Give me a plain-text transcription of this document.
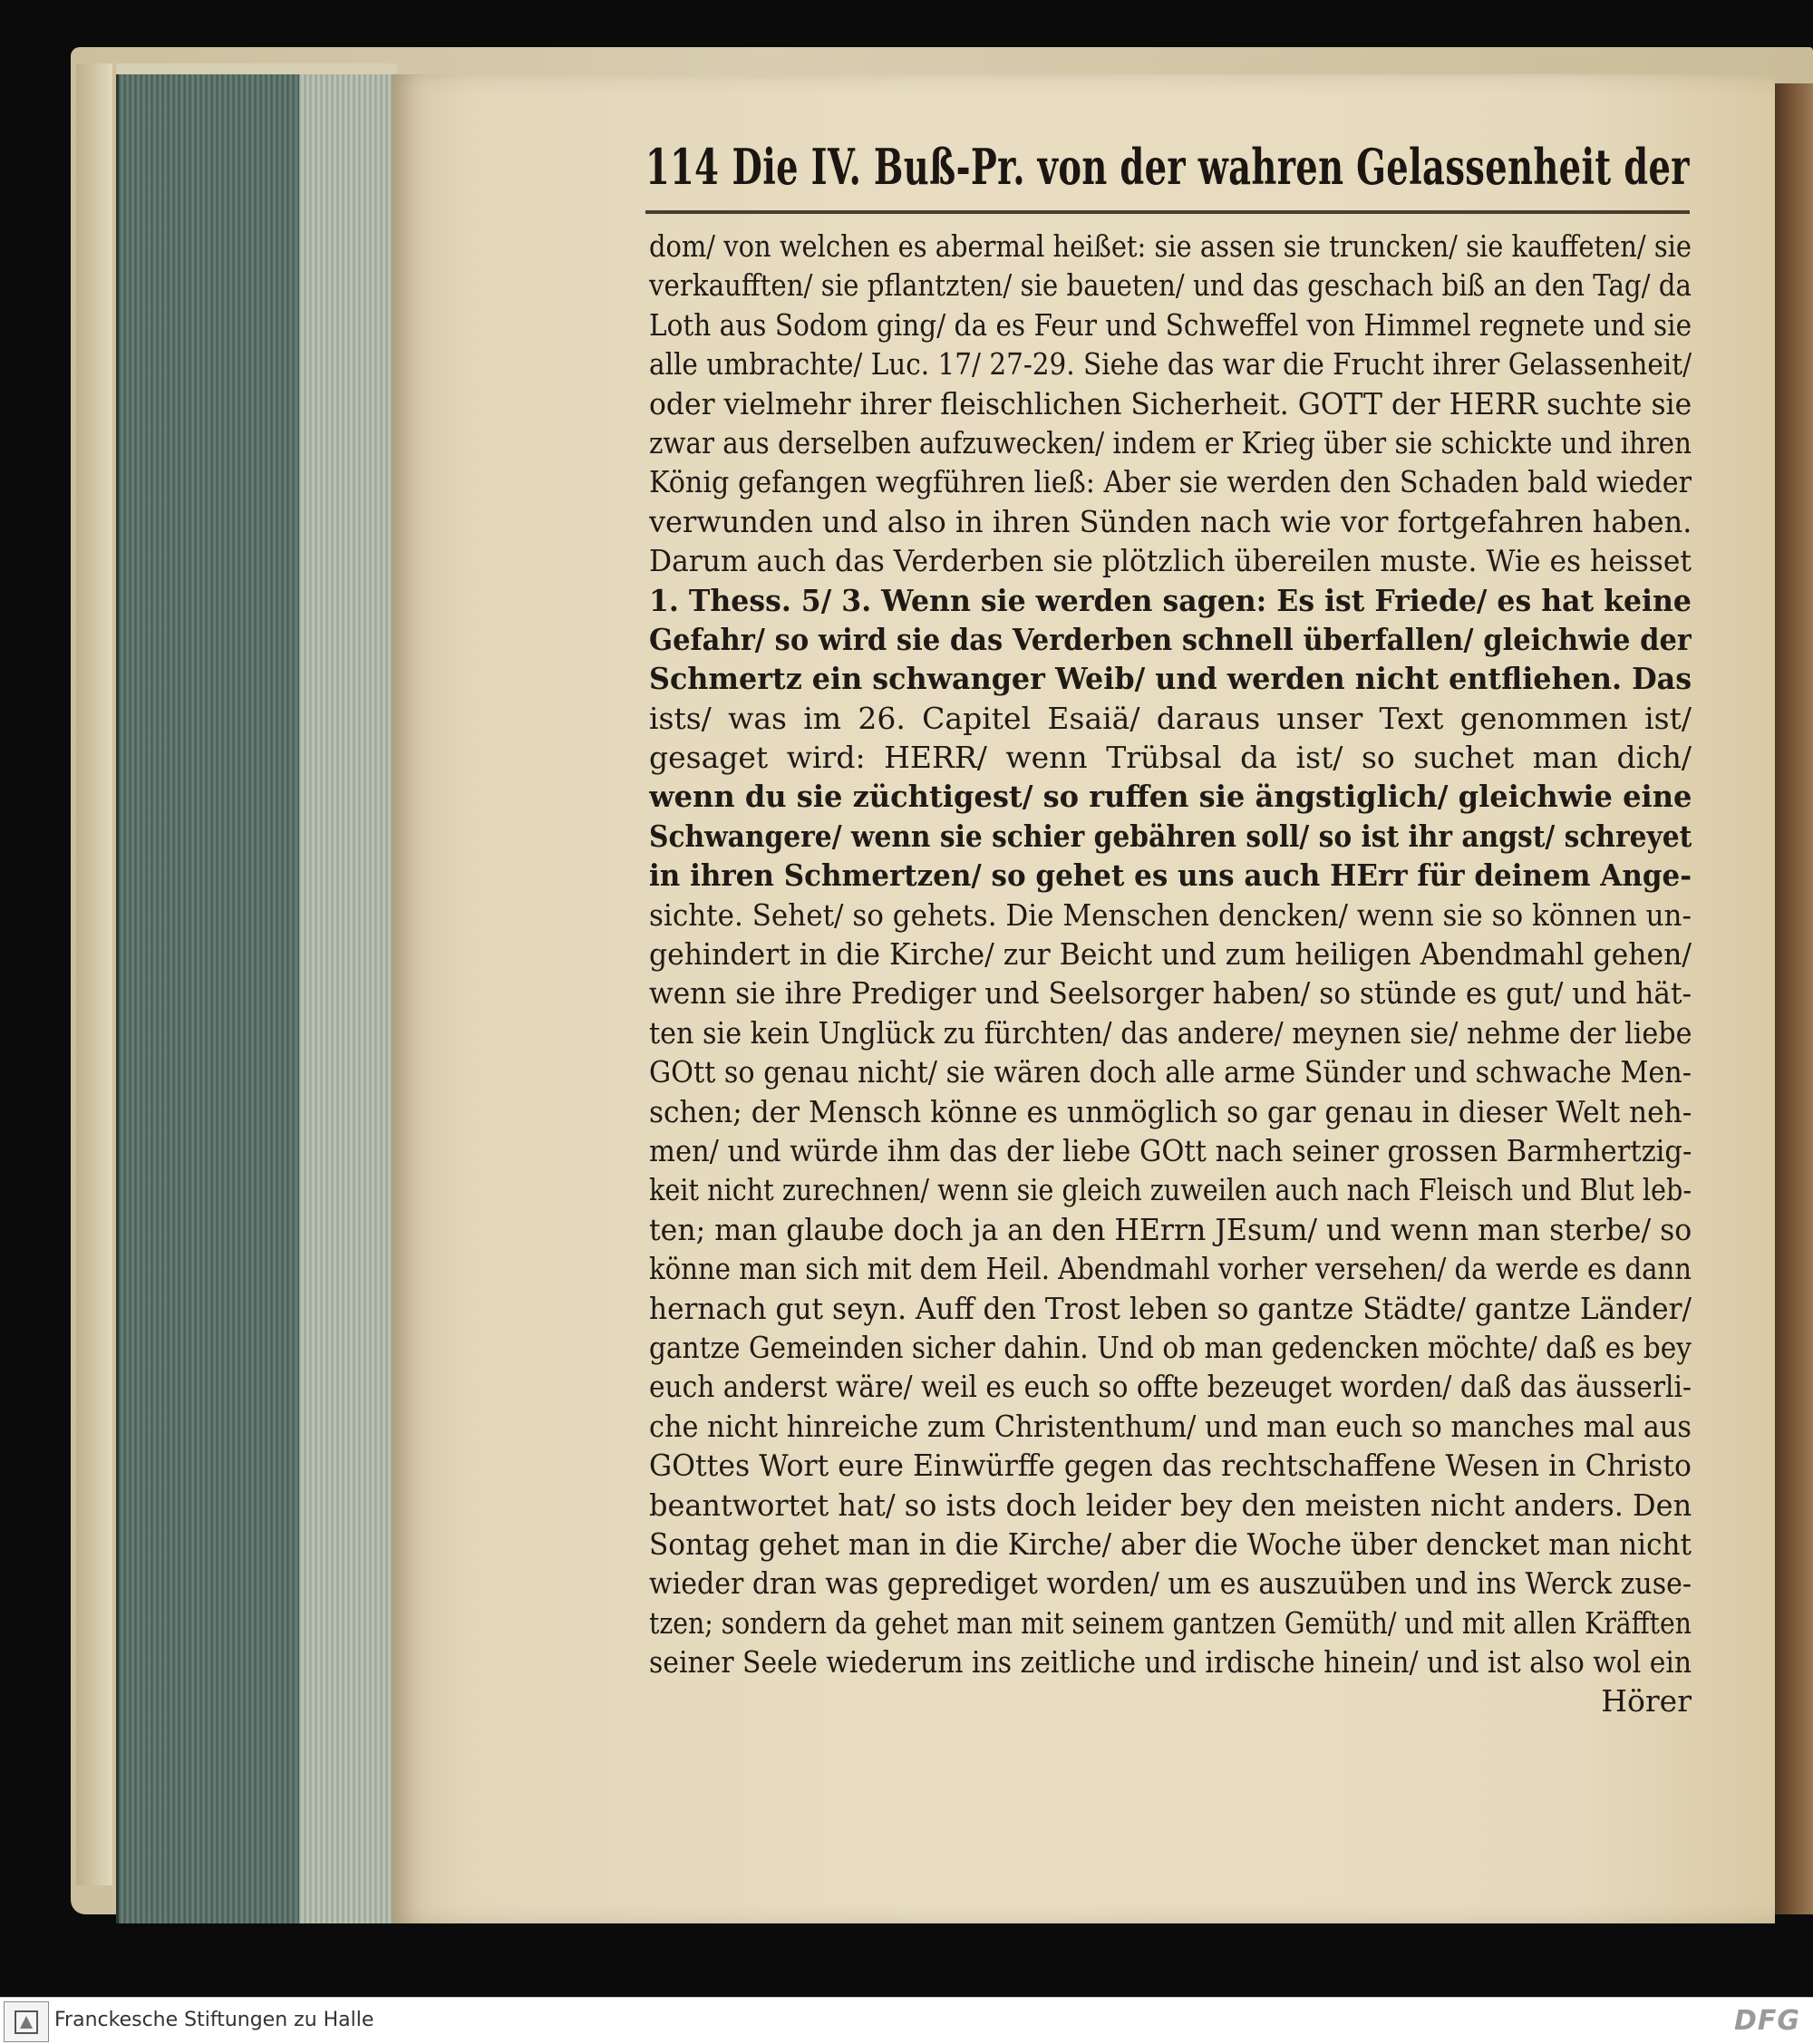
114 Die IV. Buß-Pr. von der wahren Gelassenheit der
dom/ von welchen es abermal heißet: sie assen sie truncken/ sie kauffeten/ sie
verkaufften/ sie pflantzten/ sie baueten/ und das geschach biß an den Tag/ da
Loth aus Sodom ging/ da es Feur und Schweffel von Himmel regnete und sie
alle umbrachte/ Luc. 17/ 27-29. Siehe das war die Frucht ihrer Gelassenheit/
oder vielmehr ihrer fleischlichen Sicherheit. GOTT der HERR suchte sie
zwar aus derselben aufzuwecken/ indem er Krieg über sie schickte und ihren
König gefangen wegführen ließ: Aber sie werden den Schaden bald wieder
verwunden und also in ihren Sünden nach wie vor fortgefahren haben.
Darum auch das Verderben sie plötzlich übereilen muste. Wie es heisset
1. Thess. 5/ 3. Wenn sie werden sagen: Es ist Friede/ es hat keine
Gefahr/ so wird sie das Verderben schnell überfallen/ gleichwie der
Schmertz ein schwanger Weib/ und werden nicht entfliehen. Das
ists/ was im 26. Capitel Esaiä/ daraus unser Text genommen ist/
gesaget wird: HERR/ wenn Trübsal da ist/ so suchet man dich/
wenn du sie züchtigest/ so ruffen sie ängstiglich/ gleichwie eine
Schwangere/ wenn sie schier gebähren soll/ so ist ihr angst/ schreyet
in ihren Schmertzen/ so gehet es uns auch HErr für deinem Ange-
sichte. Sehet/ so gehets. Die Menschen dencken/ wenn sie so können un-
gehindert in die Kirche/ zur Beicht und zum heiligen Abendmahl gehen/
wenn sie ihre Prediger und Seelsorger haben/ so stünde es gut/ und hät-
ten sie kein Unglück zu fürchten/ das andere/ meynen sie/ nehme der liebe
GOtt so genau nicht/ sie wären doch alle arme Sünder und schwache Men-
schen; der Mensch könne es unmöglich so gar genau in dieser Welt neh-
men/ und würde ihm das der liebe GOtt nach seiner grossen Barmhertzig-
keit nicht zurechnen/ wenn sie gleich zuweilen auch nach Fleisch und Blut leb-
ten; man glaube doch ja an den HErrn JEsum/ und wenn man sterbe/ so
könne man sich mit dem Heil. Abendmahl vorher versehen/ da werde es dann
hernach gut seyn. Auff den Trost leben so gantze Städte/ gantze Länder/
gantze Gemeinden sicher dahin. Und ob man gedencken möchte/ daß es bey
euch anderst wäre/ weil es euch so offte bezeuget worden/ daß das äusserli-
che nicht hinreiche zum Christenthum/ und man euch so manches mal aus
GOttes Wort eure Einwürffe gegen das rechtschaffene Wesen in Christo
beantwortet hat/ so ists doch leider bey den meisten nicht anders. Den
Sontag gehet man in die Kirche/ aber die Woche über dencket man nicht
wieder dran was geprediget worden/ um es auszuüben und ins Werck zuse-
tzen; sondern da gehet man mit seinem gantzen Gemüth/ und mit allen Kräfften
seiner Seele wiederum ins zeitliche und irdische hinein/ und ist also wol ein
Hörer
Franckesche Stiftungen zu Halle	DFG
